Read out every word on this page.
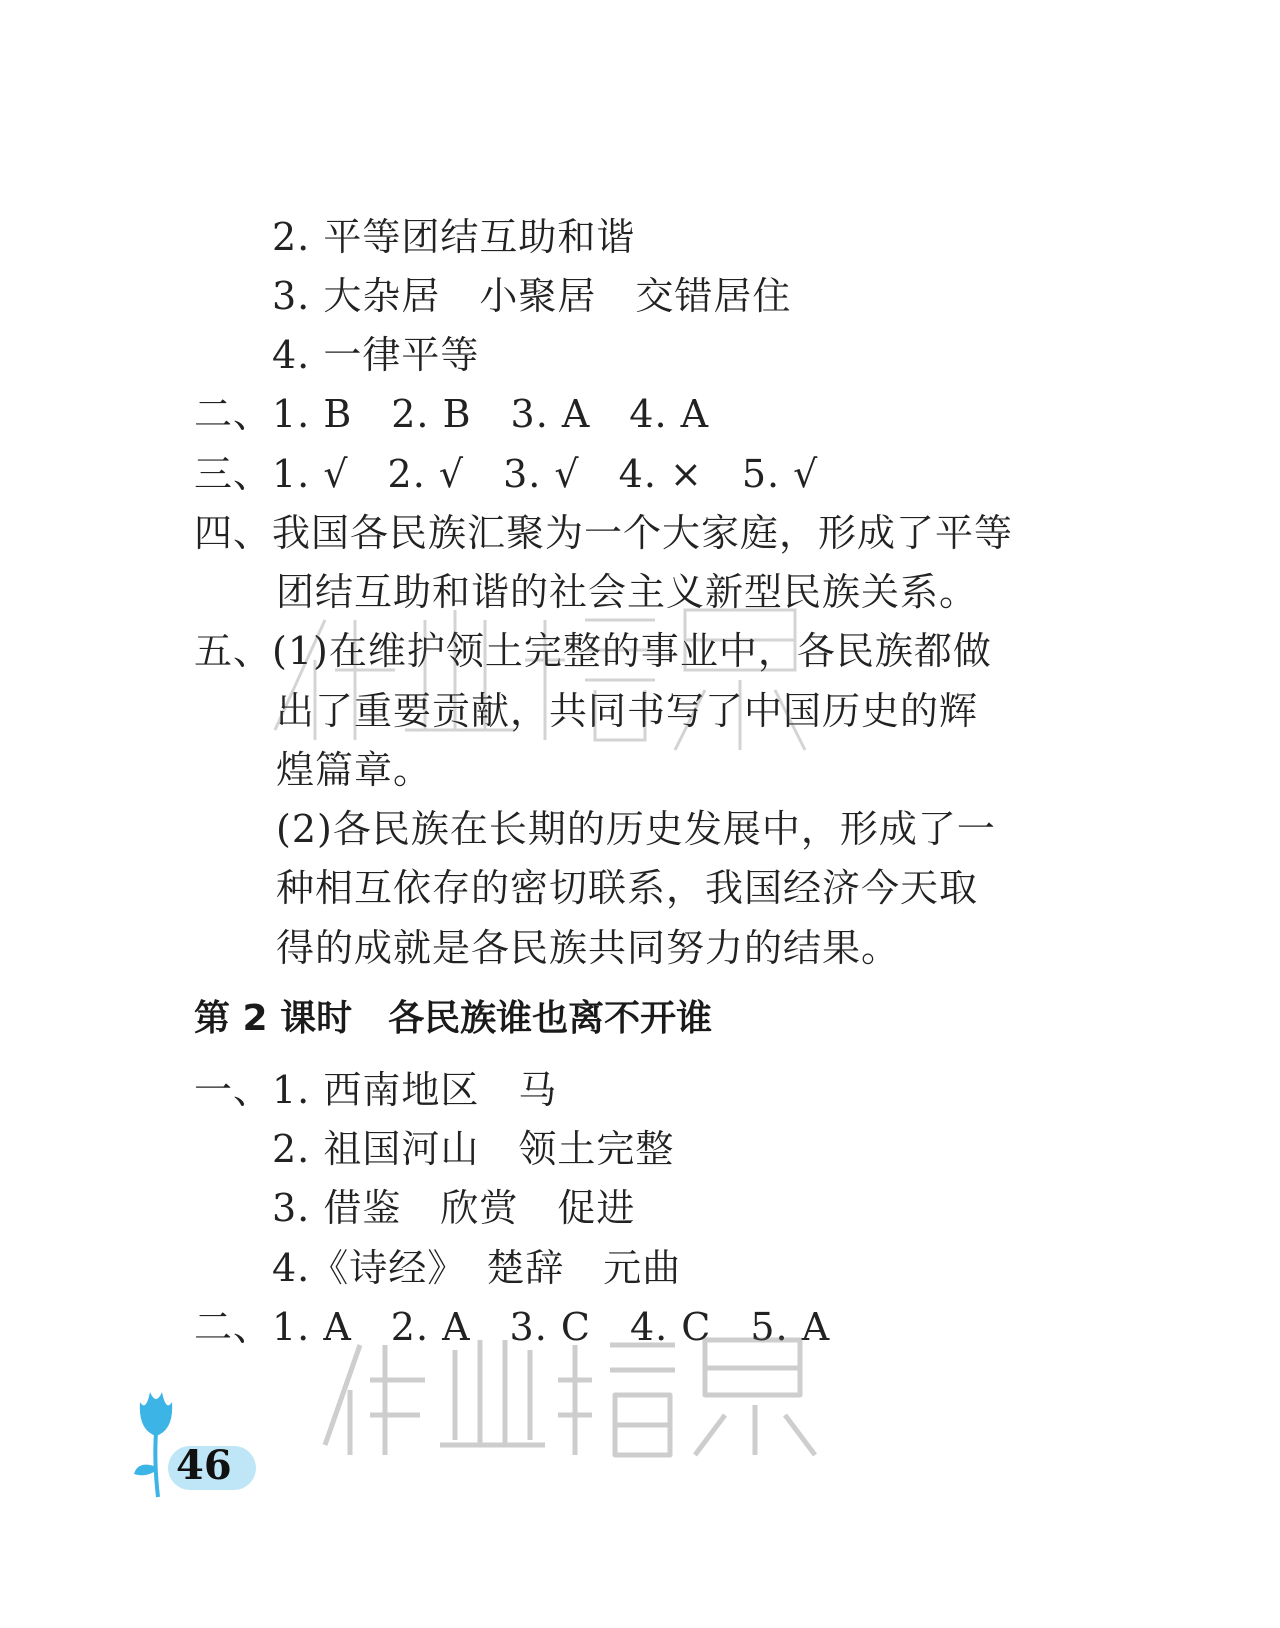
2. 平等团结互助和谐
3. 大杂居　小聚居　交错居住
4. 一律平等
二、1. B　2. B　3. A　4. A
三、1. √　2. √　3. √　4. ×　5. √
四、我国各民族汇聚为一个大家庭，形成了平等
团结互助和谐的社会主义新型民族关系。
五、(1)在维护领土完整的事业中，各民族都做
出了重要贡献，共同书写了中国历史的辉
煌篇章。
(2)各民族在长期的历史发展中，形成了一
种相互依存的密切联系，我国经济今天取
得的成就是各民族共同努力的结果。
第 2 课时　各民族谁也离不开谁
一、1. 西南地区　马
2. 祖国河山　领土完整
3. 借鉴　欣赏　促进
4.《诗经》　楚辞　元曲
二、1. A　2. A　3. C　4. C　5. A
46
